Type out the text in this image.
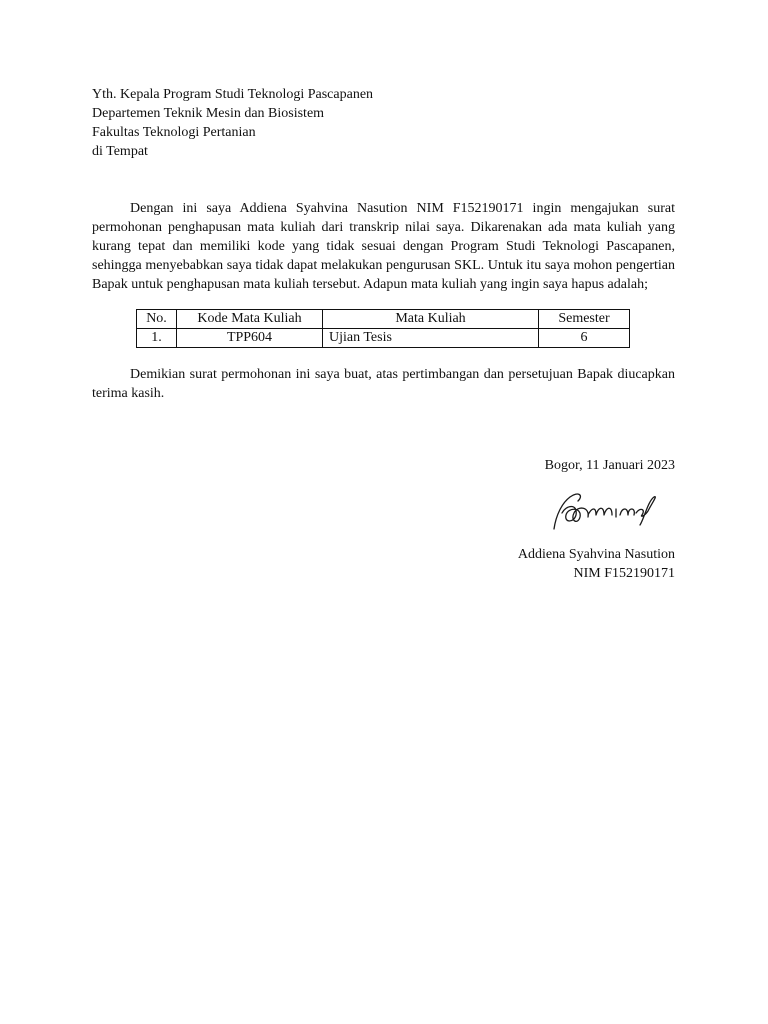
Yth. Kepala Program Studi Teknologi Pascapanen

Departemen Teknik Mesin dan Biosistem

Fakultas Teknologi Pertanian

di Tempat

Dengan ini saya Addiena Syahvina Nasution NIM F152190171 ingin mengajukan surat permohonan penghapusan mata kuliah dari transkrip nilai saya. Dikarenakan ada mata kuliah yang kurang tepat dan memiliki kode yang tidak sesuai dengan Program Studi Teknologi Pascapanen, sehingga menyebabkan saya tidak dapat melakukan pengurusan SKL. Untuk itu saya mohon pengertian Bapak untuk penghapusan mata kuliah tersebut. Adapun mata kuliah yang ingin saya hapus adalah;

No.	Kode Mata Kuliah	Mata Kuliah	Semester
1.	TPP604	Ujian Tesis	6

Demikian surat permohonan ini saya buat, atas pertimbangan dan persetujuan Bapak diucapkan terima kasih.

Bogor, 11 Januari 2023

Addiena Syahvina Nasution

NIM F152190171
